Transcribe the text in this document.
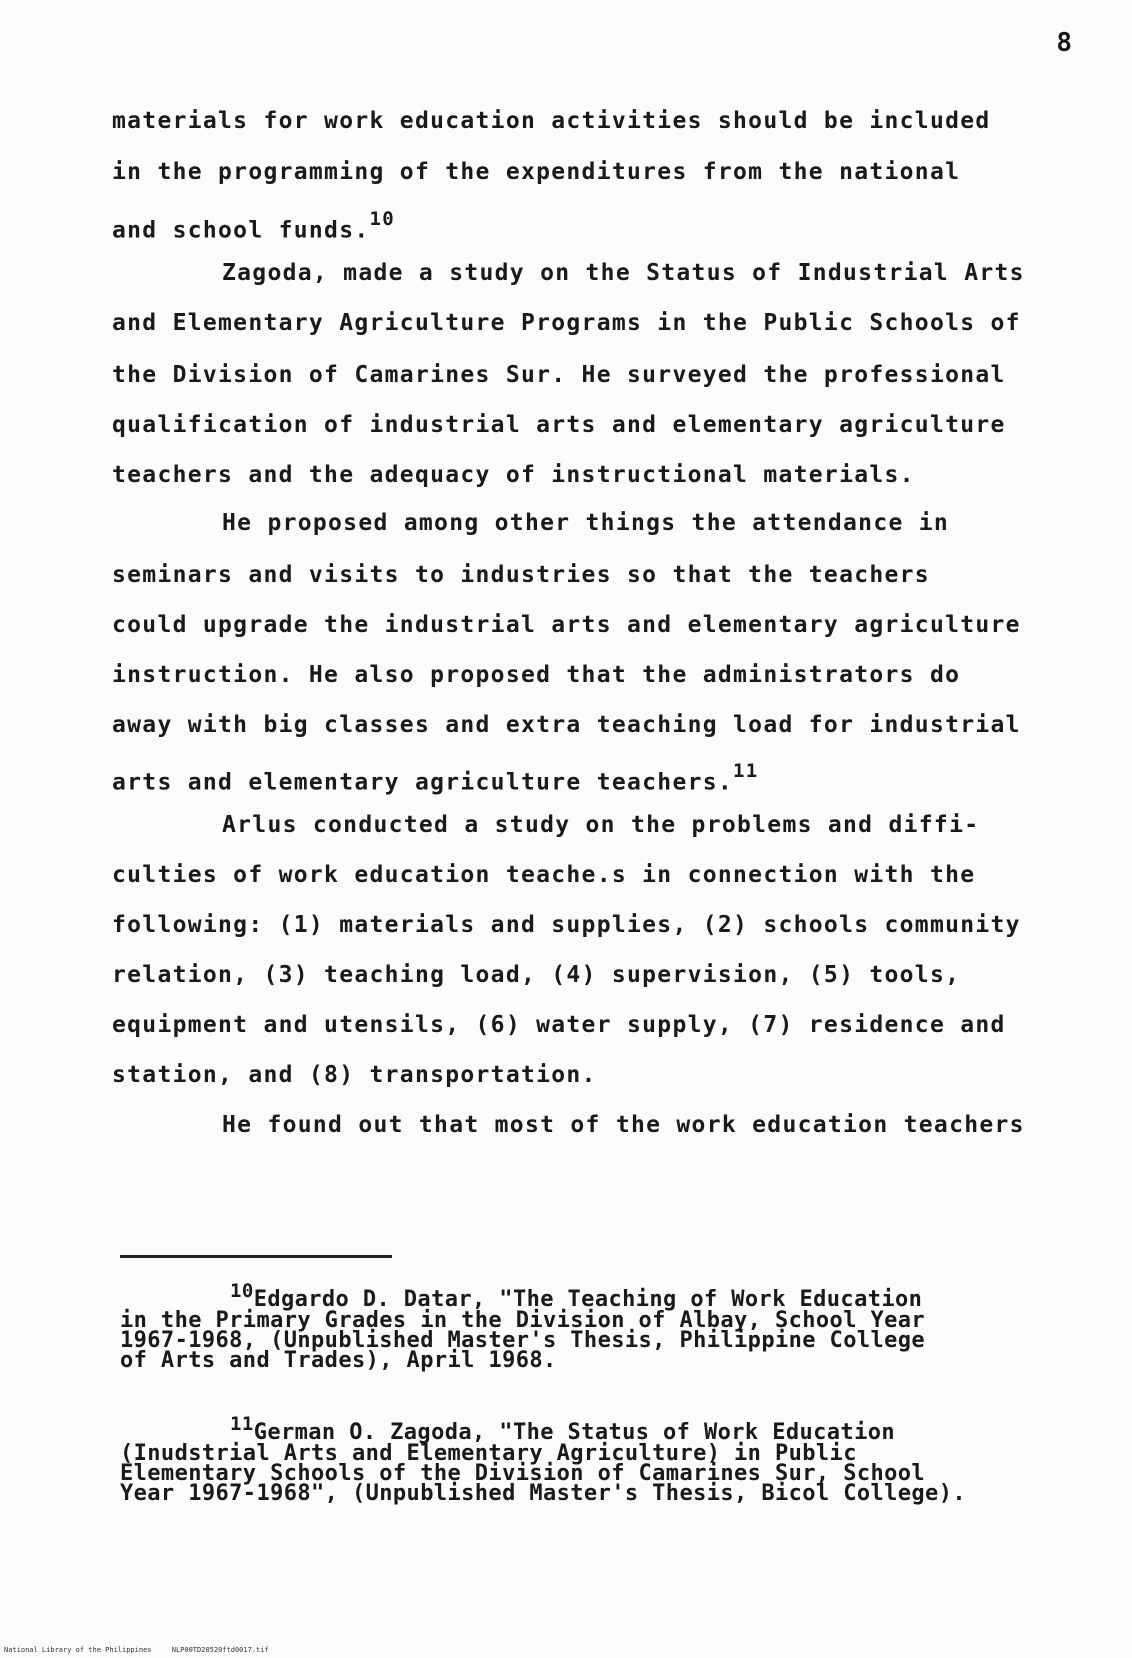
8
materials for work education activities should be included
in the programming of the expenditures from the national
and school funds.$^{10}$
Zagoda, made a study on the Status of Industrial Arts
and Elementary Agriculture Programs in the Public Schools of
the Division of Camarines Sur. He surveyed the professional
qualification of industrial arts and elementary agriculture
teachers and the adequacy of instructional materials.
He proposed among other things the attendance in
seminars and visits to industries so that the teachers
could upgrade the industrial arts and elementary agriculture
instruction. He also proposed that the administrators do
away with big classes and extra teaching load for industrial
arts and elementary agriculture teachers.$^{11}$
Arlus conducted a study on the problems and diffi-
culties of work education teache.s in connection with the
following: (1) materials and supplies, (2) schools community
relation, (3) teaching load, (4) supervision, (5) tools,
equipment and utensils, (6) water supply, (7) residence and
station, and (8) transportation.
He found out that most of the work education teachers
10Edgardo D. Datar, "The Teaching of Work Education
in the Primary Grades in the Division of Albay, School Year
1967-1968, (Unpublished Master's Thesis, Philippine College
of Arts and Trades), April 1968.
11German O. Zagoda, "The Status of Work Education
(Inudstrial Arts and Elementary Agriculture) in Public
Elementary Schools of the Division of Camarines Sur, School
Year 1967-1968", (Unpublished Master's Thesis, Bicol College).
National Library of the Philippines	NLP00TD20520ftd0017.tif
